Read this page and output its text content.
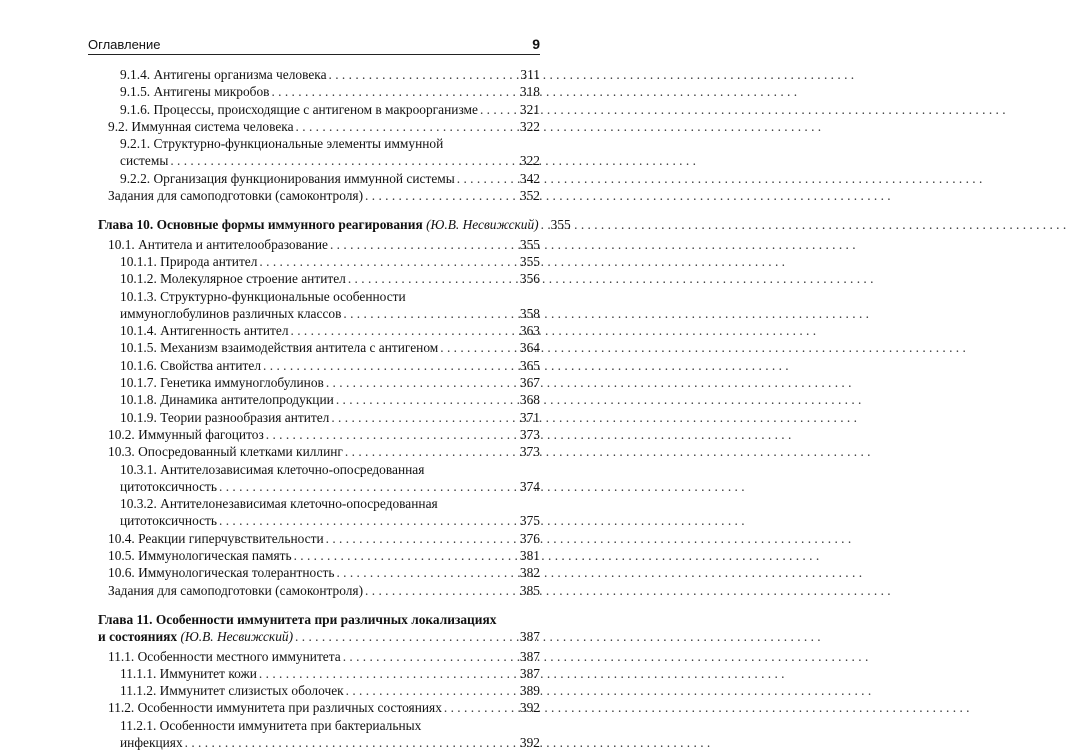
Оглавление	9
9.1.4. Антигены организма человека . . .	311
9.1.5. Антигены микробов . . .	318
9.1.6. Процессы, происходящие с антигеном в макроорганизме . . .	321
9.2. Иммунная система человека . . .	322
9.2.1. Структурно-функциональные элементы иммунной
системы . . .	322
9.2.2. Организация функционирования иммунной системы . . .	342
Задания для самоподготовки (самоконтроля) . . .	352
Глава 10. Основные формы иммунного реагирования (Ю.В. Несвижский) . . . 355
10.1. Антитела и антителообразование . . .	355
10.1.1. Природа антител . . .	355
10.1.2. Молекулярное строение антител . . .	356
10.1.3. Структурно-функциональные особенности
иммуноглобулинов различных классов . . .	358
10.1.4. Антигенность антител . . .	363
10.1.5. Механизм взаимодействия антитела с антигеном . . .	364
10.1.6. Свойства антител . . .	365
10.1.7. Генетика иммуноглобулинов . . .	367
10.1.8. Динамика антителопродукции . . .	368
10.1.9. Теории разнообразия антител . . .	371
10.2. Иммунный фагоцитоз . . .	373
10.3. Опосредованный клетками киллинг . . .	373
10.3.1. Антителозависимая клеточно-опосредованная
цитотоксичность . . .	374
10.3.2. Антителонезависимая клеточно-опосредованная
цитотоксичность . . .	375
10.4. Реакции гиперчувствительности . . .	376
10.5. Иммунологическая память . . .	381
10.6. Иммунологическая толерантность . . .	382
Задания для самоподготовки (самоконтроля) . . .	385
Глава 11. Особенности иммунитета при различных локализациях
и состояниях (Ю.В. Несвижский) . . .	387
11.1. Особенности местного иммунитета . . .	387
11.1.1. Иммунитет кожи . . .	387
11.1.2. Иммунитет слизистых оболочек . . .	389
11.2. Особенности иммунитета при различных состояниях . . .	392
11.2.1. Особенности иммунитета при бактериальных
инфекциях . . .	392
